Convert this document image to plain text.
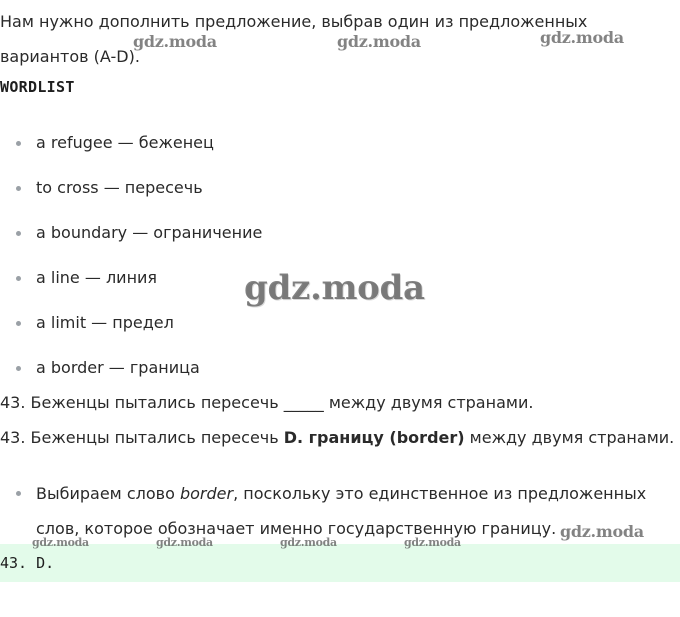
Нам нужно дополнить предложение, выбрав один из предложенных
вариантов (A-D).

WORDLIST
a refugee — беженец
to cross — пересечь
a boundary — ограничение
a line — линия
a limit — предел
a border — граница

43. Беженцы пытались пересечь _____ между двумя странами.

43. Беженцы пытались пересечь D. границу (border) между двумя странами.

Выбираем слово border, поскольку это единственное из предложенных слов, которое обозначает именно государственную границу.
43. D.
gdz.moda	gdz.moda	gdz.moda
gdz.moda
gdz.moda
gdz.moda	gdz.moda	gdz.moda	gdz.moda
